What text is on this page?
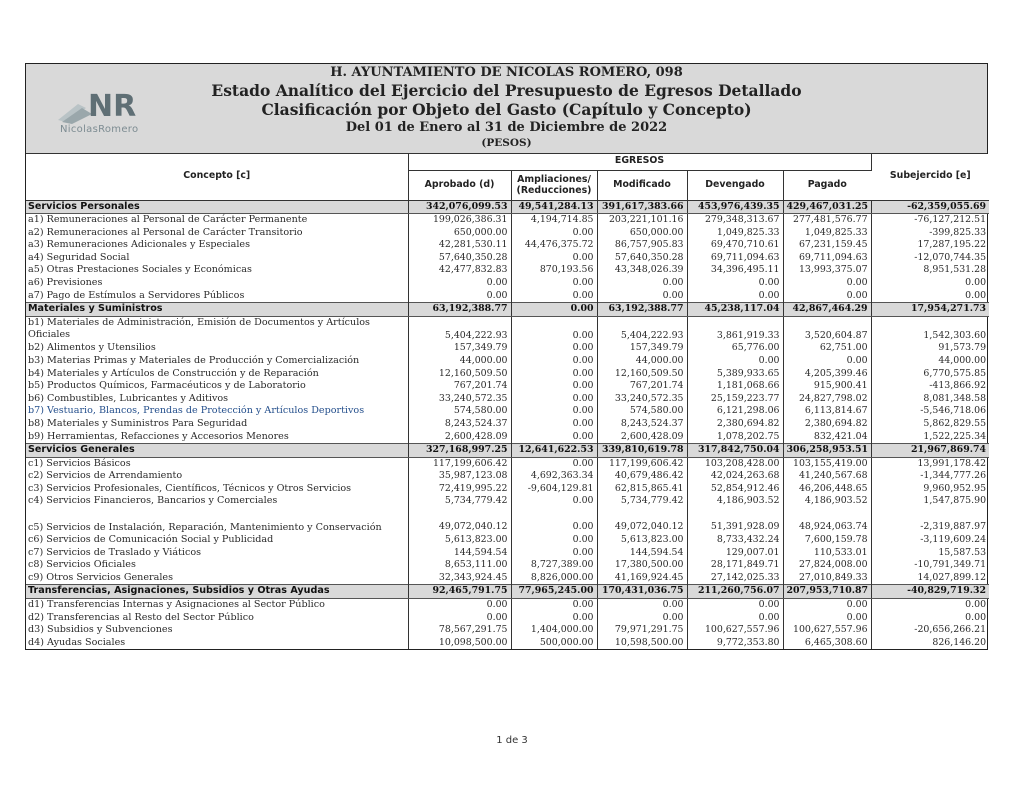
NR
NicolasRomero
H. AYUNTAMIENTO DE NICOLAS ROMERO, 098
Estado Analítico del Ejercicio del Presupuesto de Egresos Detallado
Clasificación por Objeto del Gasto (Capítulo y Concepto)
Del 01 de Enero al 31 de Diciembre de 2022
(PESOS)
Concepto [c]	EGRESOS					Subejercido [e]
	Aprobado (d)	Ampliaciones/ (Reducciones)	Modificado	Devengado	Pagado	
Servicios Personales	342,076,099.53	49,541,284.13	391,617,383.66	453,976,439.35	429,467,031.25	-62,359,055.69
a1) Remuneraciones al Personal de Carácter Permanente	199,026,386.31	4,194,714.85	203,221,101.16	279,348,313.67	277,481,576.77	-76,127,212.51
a2) Remuneraciones al Personal de Carácter Transitorio	650,000.00	0.00	650,000.00	1,049,825.33	1,049,825.33	-399,825.33
a3) Remuneraciones Adicionales y Especiales	42,281,530.11	44,476,375.72	86,757,905.83	69,470,710.61	67,231,159.45	17,287,195.22
a4) Seguridad Social	57,640,350.28	0.00	57,640,350.28	69,711,094.63	69,711,094.63	-12,070,744.35
a5) Otras Prestaciones Sociales y Económicas	42,477,832.83	870,193.56	43,348,026.39	34,396,495.11	13,993,375.07	8,951,531.28
a6) Previsiones	0.00	0.00	0.00	0.00	0.00	0.00
a7) Pago de Estímulos a Servidores Públicos	0.00	0.00	0.00	0.00	0.00	0.00
Materiales y Suministros	63,192,388.77	0.00	63,192,388.77	45,238,117.04	42,867,464.29	17,954,271.73
b1) Materiales de Administración, Emisión de Documentos y Artículos Oficiales	5,404,222.93	0.00	5,404,222.93	3,861,919.33	3,520,604.87	1,542,303.60
b2) Alimentos y Utensilios	157,349.79	0.00	157,349.79	65,776.00	62,751.00	91,573.79
b3) Materias Primas y Materiales de Producción y Comercialización	44,000.00	0.00	44,000.00	0.00	0.00	44,000.00
b4) Materiales y Artículos de Construcción y de Reparación	12,160,509.50	0.00	12,160,509.50	5,389,933.65	4,205,399.46	6,770,575.85
b5) Productos Químicos, Farmacéuticos y de Laboratorio	767,201.74	0.00	767,201.74	1,181,068.66	915,900.41	-413,866.92
b6) Combustibles, Lubricantes y Aditivos	33,240,572.35	0.00	33,240,572.35	25,159,223.77	24,827,798.02	8,081,348.58
b7) Vestuario, Blancos, Prendas de Protección y Artículos Deportivos	574,580.00	0.00	574,580.00	6,121,298.06	6,113,814.67	-5,546,718.06
b8) Materiales y Suministros Para Seguridad	8,243,524.37	0.00	8,243,524.37	2,380,694.82	2,380,694.82	5,862,829.55
b9) Herramientas, Refacciones y Accesorios Menores	2,600,428.09	0.00	2,600,428.09	1,078,202.75	832,421.04	1,522,225.34
Servicios Generales	327,168,997.25	12,641,622.53	339,810,619.78	317,842,750.04	306,258,953.51	21,967,869.74
c1) Servicios Básicos	117,199,606.42	0.00	117,199,606.42	103,208,428.00	103,155,419.00	13,991,178.42
c2) Servicios de Arrendamiento	35,987,123.08	4,692,363.34	40,679,486.42	42,024,263.68	41,240,567.68	-1,344,777.26
c3) Servicios Profesionales, Científicos, Técnicos y Otros Servicios	72,419,995.22	-9,604,129.81	62,815,865.41	52,854,912.46	46,206,448.65	9,960,952.95
c4) Servicios Financieros, Bancarios y Comerciales	5,734,779.42	0.00	5,734,779.42	4,186,903.52	4,186,903.52	1,547,875.90
c5) Servicios de Instalación, Reparación, Mantenimiento y Conservación	49,072,040.12	0.00	49,072,040.12	51,391,928.09	48,924,063.74	-2,319,887.97
c6) Servicios de Comunicación Social y Publicidad	5,613,823.00	0.00	5,613,823.00	8,733,432.24	7,600,159.78	-3,119,609.24
c7) Servicios de Traslado y Viáticos	144,594.54	0.00	144,594.54	129,007.01	110,533.01	15,587.53
c8) Servicios Oficiales	8,653,111.00	8,727,389.00	17,380,500.00	28,171,849.71	27,824,008.00	-10,791,349.71
c9) Otros Servicios Generales	32,343,924.45	8,826,000.00	41,169,924.45	27,142,025.33	27,010,849.33	14,027,899.12
Transferencias, Asignaciones, Subsidios y Otras Ayudas	92,465,791.75	77,965,245.00	170,431,036.75	211,260,756.07	207,953,710.87	-40,829,719.32
d1) Transferencias Internas y Asignaciones al Sector Público	0.00	0.00	0.00	0.00	0.00	0.00
d2) Transferencias al Resto del Sector Público	0.00	0.00	0.00	0.00	0.00	0.00
d3) Subsidios y Subvenciones	78,567,291.75	1,404,000.00	79,971,291.75	100,627,557.96	100,627,557.96	-20,656,266.21
d4) Ayudas Sociales	10,098,500.00	500,000.00	10,598,500.00	9,772,353.80	6,465,308.60	826,146.20
1 de 3
